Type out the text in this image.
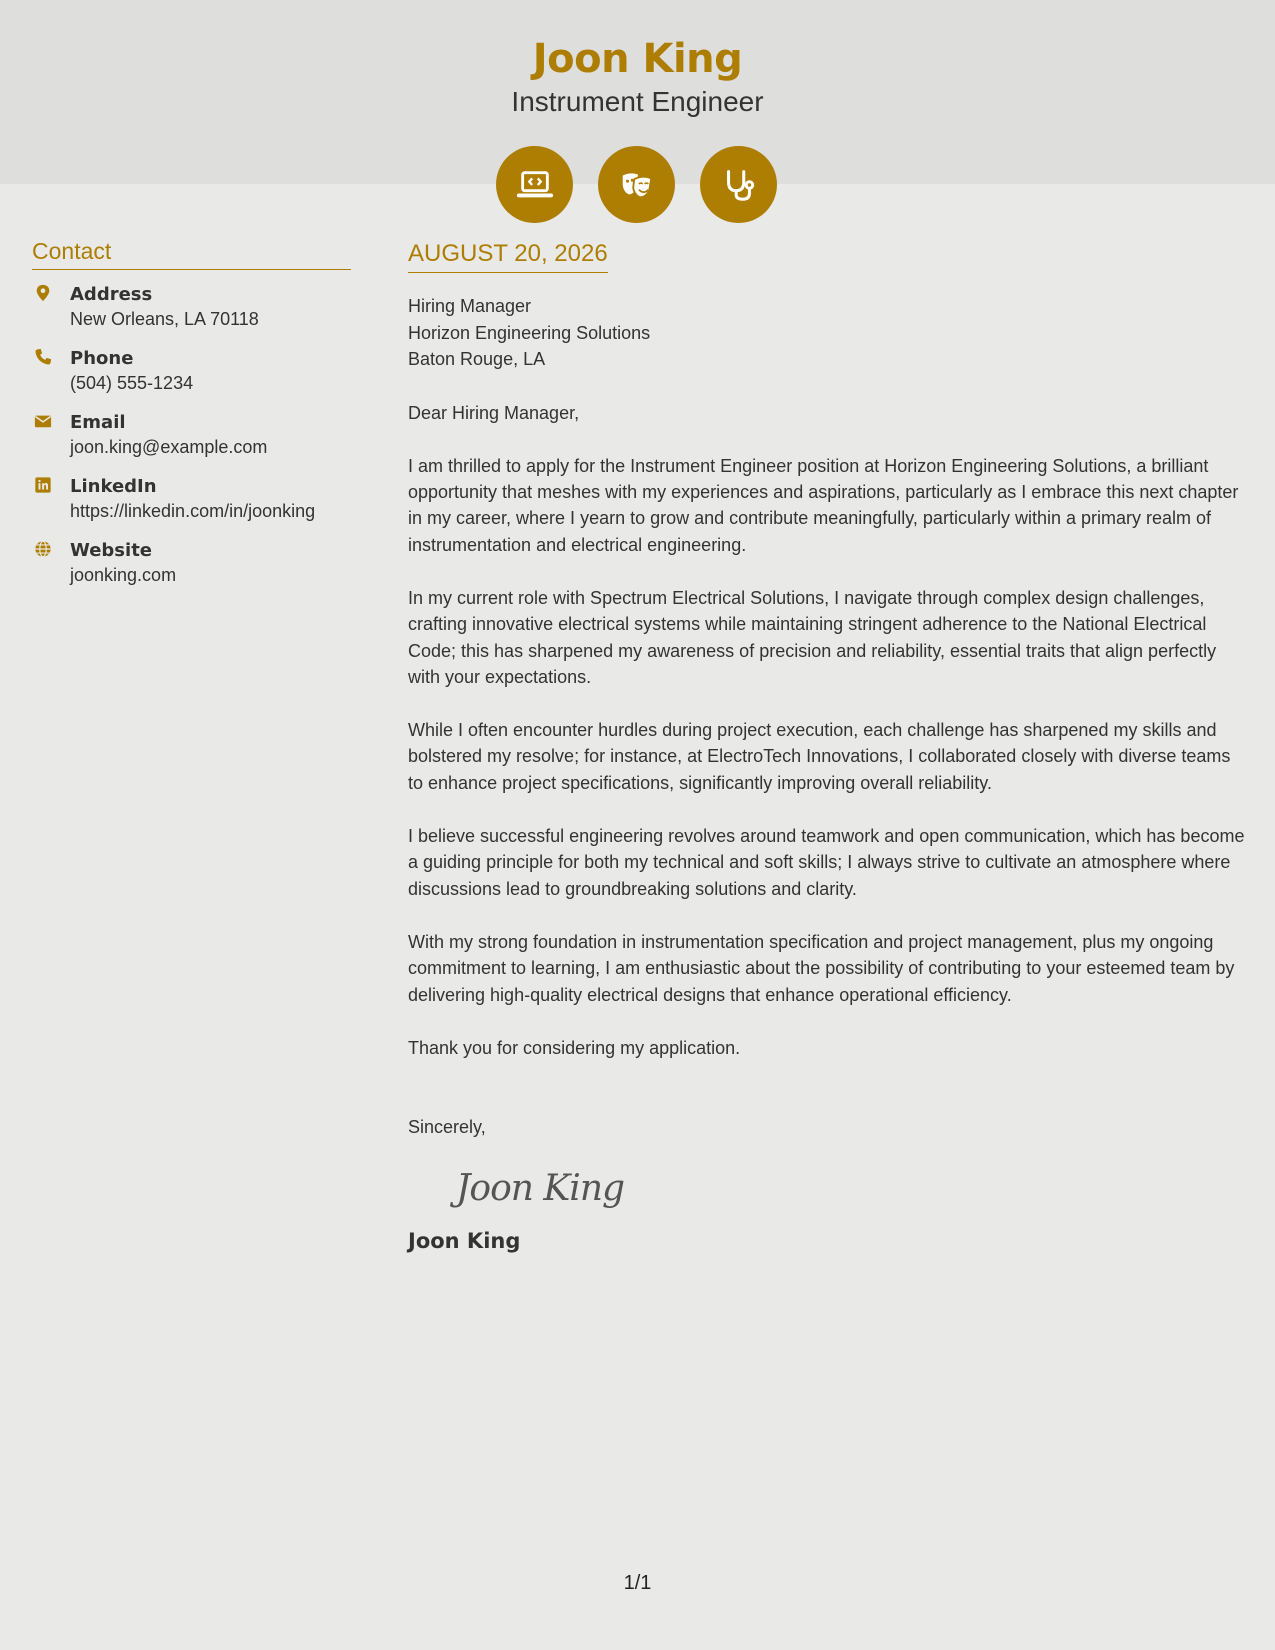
Joon King
Instrument Engineer
Contact
Address
New Orleans, LA 70118
Phone
(504) 555-1234
Email
joon.king@example.com
LinkedIn
https://linkedin.com/in/joonking
Website
joonking.com
AUGUST 20, 2026
Hiring Manager
Horizon Engineering Solutions
Baton Rouge, LA

Dear Hiring Manager,

I am thrilled to apply for the Instrument Engineer position at Horizon Engineering Solutions, a brilliant opportunity that meshes with my experiences and aspirations, particularly as I embrace this next chapter in my career, where I yearn to grow and contribute meaningfully, particularly within a primary realm of instrumentation and electrical engineering.

In my current role with Spectrum Electrical Solutions, I navigate through complex design challenges, crafting innovative electrical systems while maintaining stringent adherence to the National Electrical Code; this has sharpened my awareness of precision and reliability, essential traits that align perfectly with your expectations.

While I often encounter hurdles during project execution, each challenge has sharpened my skills and bolstered my resolve; for instance, at ElectroTech Innovations, I collaborated closely with diverse teams to enhance project specifications, significantly improving overall reliability.

I believe successful engineering revolves around teamwork and open communication, which has become a guiding principle for both my technical and soft skills; I always strive to cultivate an atmosphere where discussions lead to groundbreaking solutions and clarity.

With my strong foundation in instrumentation specification and project management, plus my ongoing commitment to learning, I am enthusiastic about the possibility of contributing to your esteemed team by delivering high-quality electrical designs that enhance operational efficiency.

Thank you for considering my application.

Sincerely,

Joon King
Joon King
1/1
